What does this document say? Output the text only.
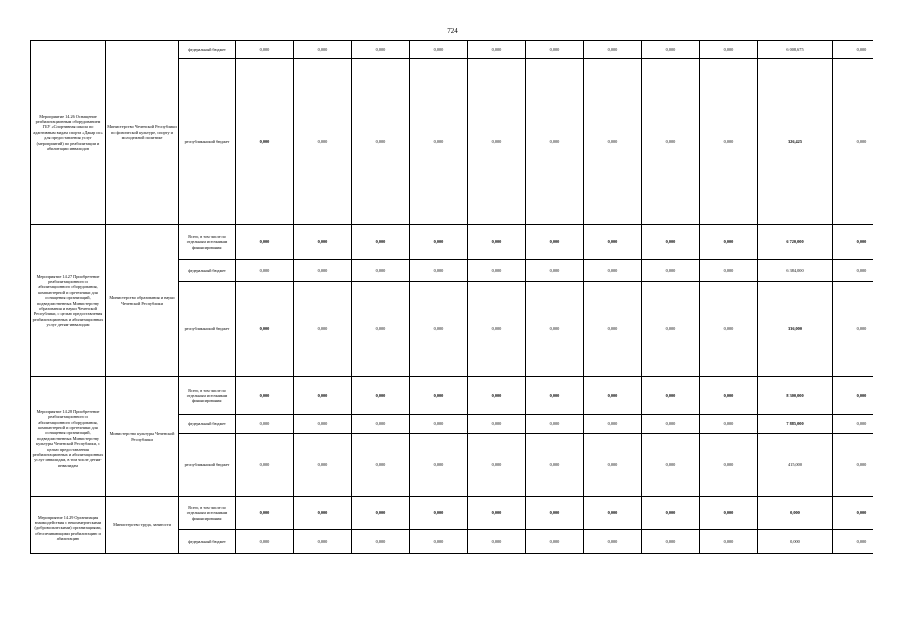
724
Мероприятие 14.26 Оснащение реабилитационным оборудованием ГБУ «Спортивная школа по адаптивным видам спорта «Дакар ис» для предоставления услуг (мероприятий) по реабилитации и абилитации инвалидов	Министерство Чеченской Республики по физической культуре, спорту и молодежной политике	федеральный бюджет	0,000	0,000	0,000	0,000	0,000	0,000	0,000	0,000	0,000	6 008,675	0,000
		республиканский бюджет	0,000	0,000	0,000	0,000	0,000	0,000	0,000	0,000	0,000	326,425	0,000
Мероприятие 14.27 Приобретение реабилитационного и абилитационного оборудования, компьютерной и оргтехники для оснащения организаций, подведомственных Министерству образования и науки Чеченской Республики, с целью предоставления реабилитационных и абилитационных услуг детям-инвалидам	Министерство образования и науки Чеченской Республики	Всего, в том числе по отдельным источникам финансирования:	0,000	0,000	0,000	0,000	0,000	0,000	0,000	0,000	0,000	6 720,000	0,000
		федеральный бюджет	0,000	0,000	0,000	0,000	0,000	0,000	0,000	0,000	0,000	6 384,000	0,000
		республиканский бюджет	0,000	0,000	0,000	0,000	0,000	0,000	0,000	0,000	0,000	336,000	0,000
Мероприятие 14.28 Приобретение реабилитационного и абилитационного оборудования, компьютерной и оргтехники для оснащения организаций, подведомственных Министерству культуры Чеченской Республики, с целью предоставления реабилитационных и абилитационных услуг инвалидам, в том числе детям-инвалидам	Министерство культуры Чеченской Республики	Всего, в том числе по отдельным источникам финансирования:	0,000	0,000	0,000	0,000	0,000	0,000	0,000	0,000	0,000	8 300,000	0,000
		федеральный бюджет	0,000	0,000	0,000	0,000	0,000	0,000	0,000	0,000	0,000	7 885,000	0,000
		республиканский бюджет	0,000	0,000	0,000	0,000	0,000	0,000	0,000	0,000	0,000	415,000	0,000
Мероприятие 14.29 Организация взаимодействия с некоммерческими (добровольческими) организациями, обеспечивающими реабилитацию и абилитацию	Министерство труда, занятости	Всего, в том числе по отдельным источникам финансирования:	0,000	0,000	0,000	0,000	0,000	0,000	0,000	0,000	0,000	0,000	0,000
		федеральный бюджет	0,000	0,000	0,000	0,000	0,000	0,000	0,000	0,000	0,000	0,000	0,000
